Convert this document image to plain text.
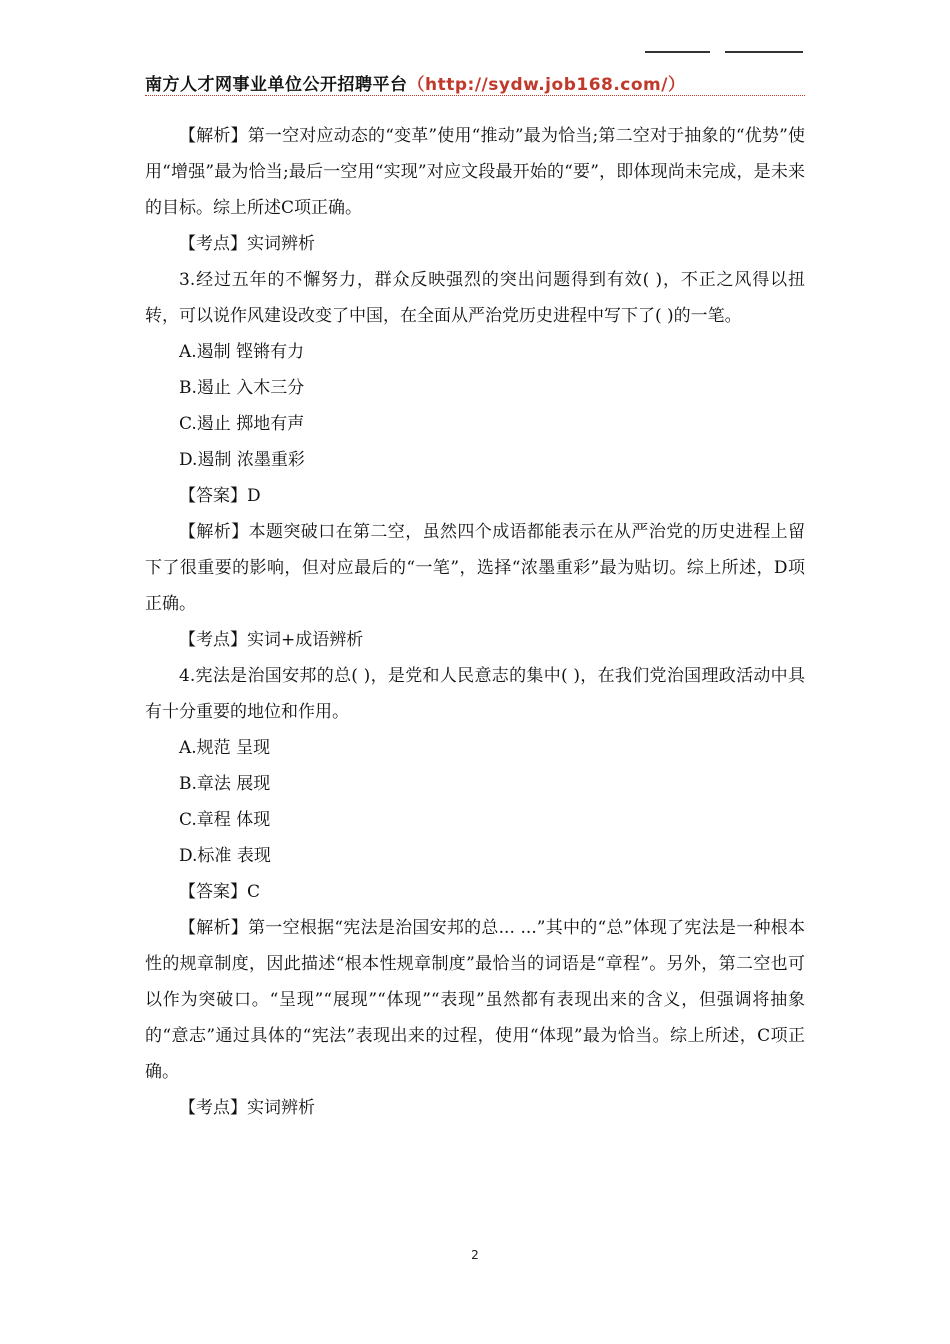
南方人才网事业单位公开招聘平台（http://sydw.job168.com/）

【解析】第一空对应动态的“变革”使用“推动”最为恰当;第二空对于抽象的“优势”使用“增强”最为恰当;最后一空用“实现”对应文段最开始的“要”，即体现尚未完成，是未来的目标。综上所述C项正确。

【考点】实词辨析

3.经过五年的不懈努力，群众反映强烈的突出问题得到有效( )，不正之风得以扭转，可以说作风建设改变了中国，在全面从严治党历史进程中写下了( )的一笔。

A.遏制 铿锵有力

B.遏止 入木三分

C.遏止 掷地有声

D.遏制 浓墨重彩

【答案】D

【解析】本题突破口在第二空，虽然四个成语都能表示在从严治党的历史进程上留下了很重要的影响，但对应最后的“一笔”，选择“浓墨重彩”最为贴切。综上所述，D项正确。

【考点】实词+成语辨析

4.宪法是治国安邦的总( )，是党和人民意志的集中( )，在我们党治国理政活动中具有十分重要的地位和作用。

A.规范 呈现

B.章法 展现

C.章程 体现

D.标准 表现

【答案】C

【解析】第一空根据“宪法是治国安邦的总... ...”其中的“总”体现了宪法是一种根本性的规章制度，因此描述“根本性规章制度”最恰当的词语是“章程”。另外，第二空也可以作为突破口。“呈现”“展现”“体现”“表现”虽然都有表现出来的含义，但强调将抽象的“意志”通过具体的“宪法”表现出来的过程，使用“体现”最为恰当。综上所述，C项正确。

【考点】实词辨析

2
